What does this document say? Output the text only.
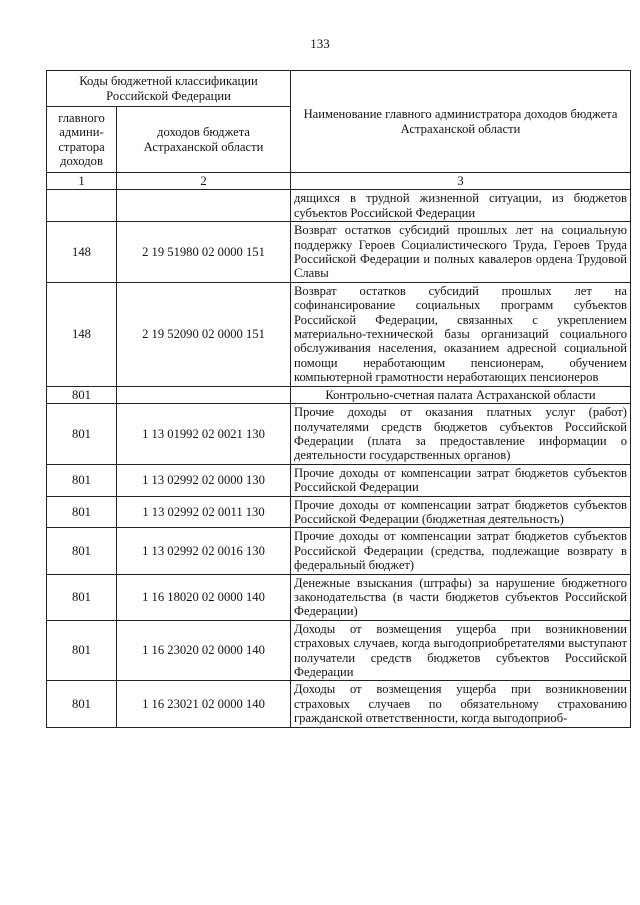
133
Коды бюджетной классификации Российской Федерации		Наименование главного администратора доходов бюджета Астраханской области
главного админи-стратора доходов	доходов бюджета Астраханской области	
1	2	3
		дящихся в трудной жизненной ситуации, из бюджетов субъектов Российской Федерации
148	2 19 51980 02 0000 151	Возврат остатков субсидий прошлых лет на социальную поддержку Героев Социалистического Труда, Героев Труда Российской Федерации и полных кавалеров ордена Трудовой Славы
148	2 19 52090 02 0000 151	Возврат остатков субсидий прошлых лет на софинансирование социальных программ субъектов Российской Федерации, связанных с укреплением материально-технической базы организаций социального обслуживания населения, оказанием адресной социальной помощи неработающим пенсионерам, обучением компьютерной грамотности неработающих пенсионеров
801		Контрольно-счетная палата Астраханской области
801	1 13 01992 02 0021 130	Прочие доходы от оказания платных услуг (работ) получателями средств бюджетов субъектов Российской Федерации (плата за предоставление информации о деятельности государственных органов)
801	1 13 02992 02 0000 130	Прочие доходы от компенсации затрат бюджетов субъектов Российской Федерации
801	1 13 02992 02 0011 130	Прочие доходы от компенсации затрат бюджетов субъектов Российской Федерации (бюджетная деятельность)
801	1 13 02992 02 0016 130	Прочие доходы от компенсации затрат бюджетов субъектов Российской Федерации (средства, подлежащие возврату в федеральный бюджет)
801	1 16 18020 02 0000 140	Денежные взыскания (штрафы) за нарушение бюджетного законодательства (в части бюджетов субъектов Российской Федерации)
801	1 16 23020 02 0000 140	Доходы от возмещения ущерба при возникновении страховых случаев, когда выгодоприобретателями выступают получатели средств бюджетов субъектов Российской Федерации
801	1 16 23021 02 0000 140	Доходы от возмещения ущерба при возникновении страховых случаев по обязательному страхованию гражданской ответственности, когда выгодоприоб-
